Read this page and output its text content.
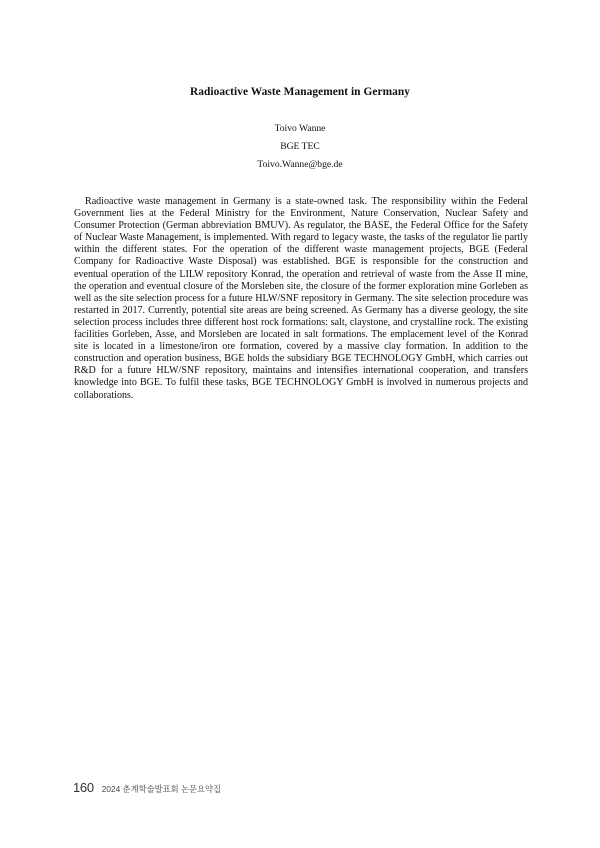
Radioactive Waste Management in Germany
Toivo Wanne
BGE TEC
Toivo.Wanne@bge.de

Radioactive waste management in Germany is a state-owned task. The responsibility within the Federal Government lies at the Federal Ministry for the Environment, Nature Conservation, Nuclear Safety and Consumer Protection (German abbreviation BMUV). As regulator, the BASE, the Federal Office for the Safety of Nuclear Waste Management, is implemented. With regard to legacy waste, the tasks of the regulator lie partly within the different states. For the operation of the different waste management projects, BGE (Federal Company for Radioactive Waste Disposal) was established. BGE is responsible for the construction and eventual operation of the LILW repository Konrad, the operation and retrieval of waste from the Asse II mine, the operation and eventual closure of the Morsleben site, the closure of the former exploration mine Gorleben as well as the site selection process for a future HLW/SNF repository in Germany. The site selection procedure was restarted in 2017. Currently, potential site areas are being screened. As Germany has a diverse geology, the site selection process includes three different host rock formations: salt, claystone, and crystalline rock. The existing facilities Gorleben, Asse, and Morsleben are located in salt formations. The emplacement level of the Konrad site is located in a limestone/iron ore formation, covered by a massive clay formation. In addition to the construction and operation business, BGE holds the subsidiary BGE TECHNOLOGY GmbH, which carries out R&D for a future HLW/SNF repository, maintains and intensifies international cooperation, and transfers knowledge into BGE. To fulfil these tasks, BGE TECHNOLOGY GmbH is involved in numerous projects and collaborations.

160 2024 춘계학술발표회 논문요약집
